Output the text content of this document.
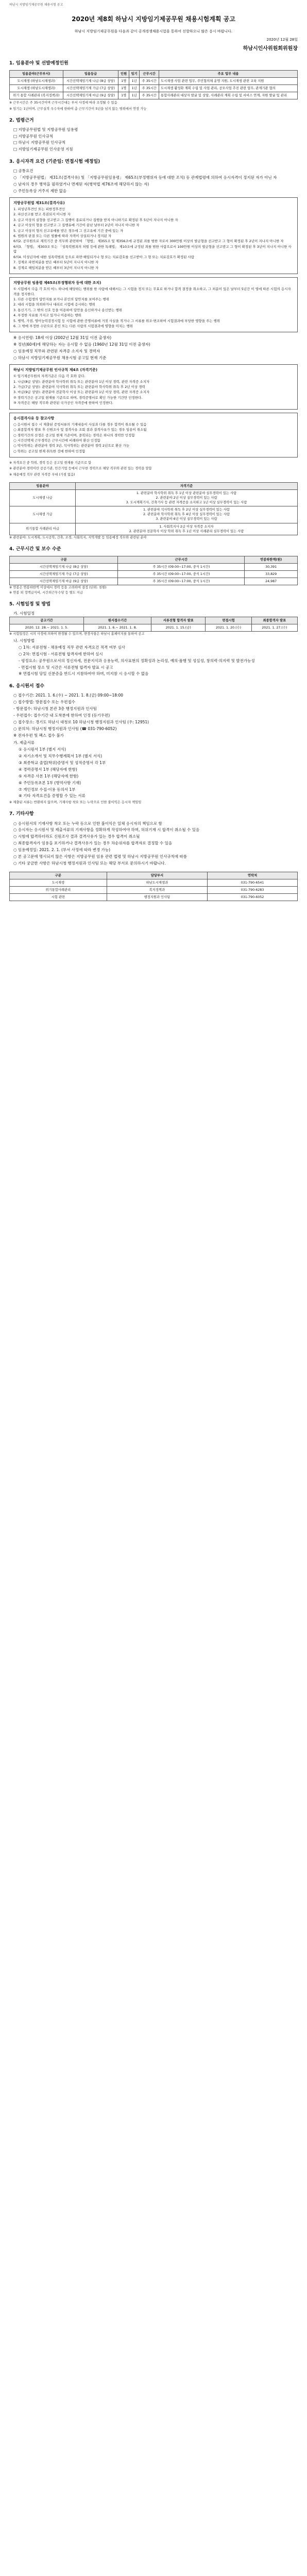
하남시 지방임기제공무원 채용시험 공고
2020년 제8회 하남시 지방임기제공무원 채용시험계획 공고

하남시 지방임기제공무원을 다음과 같이 공개경쟁채용시험을 통하여 선발하오니 많은 응시 바랍니다.

2020년 12월 28일
하남시인사위원회위원장
1. 임용분야 및 선발예정인원
임용분야(근무부서)	임용등급	인원	임기	근무시간	주요 업무 내용
도시재생 (하남도시재생과)	시간선택제임기제 나급 (8급 상당)	1명	1년	주 35시간	도시재생 사업 관련 업무, 주민협의체 운영 지원, 도시재생 관련 교육 지원
도시재생 (하남도시재생과)	시간선택제임기제 가급 (7급 상당)	1명	1년	주 35시간	도시재생 활성화 계획 수립 및 사업 관리, 공모사업 추진 관련 업무, 관계기관 협의
위기 통합 사례관리 (복지정책과)	시간선택제임기제 마급 (9급 상당)	1명	1년	주 35시간	통합사례관리 대상자 발굴 및 상담, 사례관리 계획 수립 및 서비스 연계, 자원 발굴 및 관리

※ 근무시간은 주 35시간이며 근무시간대는 부서 사정에 따라 조정될 수 있음

※ 임기는 1년이며, 근무실적 우수자에 한하여 총 근무기간이 5년을 넘지 않는 범위에서 연장 가능

2. 법령근거

□ 지방공무원법 및 지방공무원 임용령

□ 지방공무원 인사규칙

□ 하남시 지방공무원 인사규칙

□ 지방임기제공무원 인사운영 지침

3. 응시자격 요건 (기준일: 면접시험 예정일)

□ 공통요건

○ 「지방공무원법」 제31조(결격사유) 및 「지방공무원임용령」 제65조(부정행위자 등에 대한 조치) 등 관계법령에 의하여 응시자격이 정지된 자가 아닌 자

○ 남자의 경우 병역을 필하였거나 면제된 자(병역법 제76조에 해당하지 않는 자)

○ 주민등록상 거주지 제한 없음

지방공무원법 제31조(결격사유)

1. 피성년후견인 또는 피한정후견인

2. 파산선고를 받고 복권되지 아니한 자

3. 금고 이상의 실형을 선고받고 그 집행이 종료되거나 집행을 받지 아니하기로 확정된 후 5년이 지나지 아니한 자

4. 금고 이상의 형을 선고받고 그 집행유예 기간이 끝난 날부터 2년이 지나지 아니한 자

5. 금고 이상의 형의 선고유예를 받은 경우에 그 선고유예 기간 중에 있는 자

6. 법원의 판결 또는 다른 법률에 따라 자격이 상실되거나 정지된 자

6의2. 공무원으로 재직기간 중 직무와 관련하여 「형법」 제355조 및 제356조에 규정된 죄를 범한 자로서 300만원 이상의 벌금형을 선고받고 그 형이 확정된 후 2년이 지나지 아니한 자

6의3. 「형법」 제303조 또는 「성폭력범죄의 처벌 등에 관한 특례법」 제10조에 규정된 죄를 범한 사람으로서 100만원 이상의 벌금형을 선고받고 그 형이 확정된 후 3년이 지나지 아니한 사람

6의4. 미성년자에 대한 성폭력범죄 등으로 파면·해임되거나 형 또는 치료감호를 선고받아 그 형 또는 치료감호가 확정된 사람

7. 징계로 파면처분을 받은 때부터 5년이 지나지 아니한 자

8. 징계로 해임처분을 받은 때부터 3년이 지나지 아니한 자

지방공무원 임용령 제65조(부정행위자 등에 대한 조치)

① 시험에서 다음 각 호의 어느 하나에 해당하는 행위를 한 사람에 대해서는 그 시험을 정지 또는 무효로 하거나 합격 결정을 취소하고, 그 처분이 있은 날부터 5년간 이 영에 따른 시험의 응시자격을 정지한다.

1. 다른 수험생의 답안지를 보거나 본인의 답안지를 보여주는 행위

2. 대리 시험을 의뢰하거나 대리로 시험에 응시하는 행위

3. 통신기기, 그 밖의 신호 등을 이용하여 답안을 송신하거나 송신받는 행위

4. 부정한 자료를 가지고 있거나 이용하는 행위

5. 병역, 가점, 영어능력검정시험 등 시험에 관한 증명서류에 거짓 사실을 적거나 그 서류를 위조·변조하여 시험결과에 부당한 영향을 주는 행위

6. 그 밖에 부정한 수단으로 본인 또는 다른 사람의 시험결과에 영향을 미치는 행위

※ 응시연령: 18세 이상 (2002년 12월 31일 이전 출생자)

※ 정년(60세)에 해당하는 자는 응시할 수 없음 (1960년 12월 31일 이전 출생자)

○ 임용예정 직무와 관련된 자격증 소지자 및 경력자

○ 하남시 지방임기제공무원 채용시험 공고일 현재 기준

하남시 지방임기제공무원 인사규칙 제4조 (자격기준)

① 임기제공무원의 자격기준은 다음 각 호와 같다.

1. 나급(8급 상당): 관련분야 학사학위 취득 또는 관련분야 1년 이상 경력, 관련 자격증 소지자

2. 가급(7급 상당): 관련분야 석사학위 취득 또는 관련분야 학사학위 취득 후 2년 이상 경력

3. 마급(9급 상당): 관련분야 전문학사 이상 또는 관련분야 1년 이상 경력, 관련 자격증 소지자

② 경력기간은 공고일 현재를 기준으로 하며, 경력증명서로 확인 가능한 기간만 인정한다.

③ 자격증은 해당 직무와 관련된 국가공인 자격증에 한하여 인정한다.

응시결격사유 등 참고사항

○ 응시원서 접수 시 제출된 증빙서류의 기재내용이 사실과 다를 경우 합격이 취소될 수 있음

○ 최종합격자 발표 후 신원조사 및 결격사유 조회 결과 결격사유가 있는 경우 임용이 취소됨

○ 경력기간의 산정은 공고일 현재 기준이며, 중복되는 경력은 하나의 경력만 인정함

○ 시간선택제 근무경력은 근무시간에 비례하여 환산 인정함

○ 박사학위는 관련분야 경력 3년, 석사학위는 관련분야 경력 2년으로 환산 가능

○ 학위는 공고일 현재 취득한 것에 한하여 인정함

※ 자격요건 중 학위, 경력 등은 공고일 현재를 기준으로 함

※ 관련분야 경력이란 공공기관, 민간기업 등에서 근무한 경력으로 해당 직무와 관련 있는 경력을 말함

※ 채용예정 직무 관련 자격증 우대 (가점 없음)

임용분야	자격기준
도시재생 나급	1. 관련분야 학사학위 취득 후 1년 이상 관련분야 실무경력이 있는 사람
2. 관련분야 2년 이상 실무경력이 있는 사람
3. 도시계획기사, 건축기사 등 관련 자격증을 소지하고 1년 이상 실무경력이 있는 사람
도시재생 가급	1. 관련분야 석사학위 취득 후 2년 이상 실무경력이 있는 사람
2. 관련분야 학사학위 취득 후 4년 이상 실무경력이 있는 사람
3. 관련분야 6년 이상 실무경력이 있는 사람
위기통합 사례관리 마급	1. 사회복지사 2급 이상 자격증 소지자
2. 관련분야 전문학사 이상 학위 취득 후 1년 이상 사례관리 실무경력이 있는 사람
※ 관련분야: 도시계획, 도시공학, 건축, 조경, 사회복지, 지역개발 등 임용예정 직무와 관련된 분야
4. 근무시간 및 보수 수준
구분	근무시간	연봉하한액(원)
시간선택제임기제 나급 (8급 상당)	주 35시간 (09:00~17:00, 중식 1시간)	30,391
시간선택제임기제 가급 (7급 상당)	주 35시간 (09:00~17:00, 중식 1시간)	33,829
시간선택제임기제 마급 (9급 상당)	주 35시간 (09:00~17:00, 중식 1시간)	24,987
※ 연봉은 연봉하한액 이상에서 경력 등을 고려하여 결정 (단위: 천원)
※ 연봉 외 정액급식비, 시간외근무수당 등 별도 지급
5. 시험일정 및 방법
가. 시험일정
공고기간	원서접수기간	서류전형 합격자 발표	면접시험	최종합격자 발표
2020. 12. 28.~ 2021. 1. 5.	2021. 1. 6.~ 2021. 1. 8.	2021. 1. 15.(금)	2021. 1. 20.(수)	2021. 1. 27.(수)
※ 시험일정은 시의 사정에 의하여 변경될 수 있으며, 변경사항은 하남시 홈페이지를 통하여 공고
나. 시험방법

○ 1차: 서류전형 - 채용예정 직무 관련 자격요건 적격 여부 심사

○ 2차: 면접시험 - 서류전형 합격자에 한하여 실시

- 평정요소: 공무원으로서의 정신자세, 전문지식과 응용능력, 의사표현의 정확성과 논리성, 예의·품행 및 성실성, 창의력·의지력 및 발전가능성

- 면접시험 장소 및 시간은 서류전형 합격자 발표 시 공고

※ 면접시험 당일 신분증을 반드시 지참하여야 하며, 미지참 시 응시할 수 없음

6. 응시원서 접수

○ 접수기간: 2021. 1. 6.(수) ~ 2021. 1. 8.(금) 09:00~18:00

○ 접수방법: 방문접수 또는 우편접수

- 방문접수: 하남시청 본관 3층 행정지원과 인사팀

- 우편접수: 접수기간 내 도착분에 한하여 인정 (등기우편)

○ 접수장소: 경기도 하남시 대청로 10 하남시청 행정지원과 인사팀 (우: 12951)

○ 문의처: 하남시청 행정지원과 인사팀 (☎ 031-790-6052)

※ 전자우편 및 팩스 접수 불가

가. 제출서류

① 응시원서 1부 (별지 서식)

② 자기소개서 및 직무수행계획서 1부 (별지 서식)

③ 최종학교 졸업(학위)증명서 및 성적증명서 각 1부

④ 경력증명서 1부 (해당자에 한함)

⑤ 자격증 사본 1부 (해당자에 한함)

⑥ 주민등록초본 1부 (병역사항 기재)

⑦ 개인정보 수집·이용 동의서 1부

⑧ 기타 자격요건을 증명할 수 있는 서류

※ 제출된 서류는 반환하지 않으며, 기재사항 착오 또는 누락으로 인한 불이익은 응시자 책임임
7. 기타사항

○ 응시원서의 기재사항 착오 또는 누락 등으로 인한 불이익은 일체 응시자의 책임으로 함

○ 응시자는 응시원서 및 제출서류의 기재사항을 정확하게 작성하여야 하며, 허위기재 시 합격이 취소될 수 있음

○ 시험에 합격하더라도 신원조사 결과 결격사유가 있는 경우 합격이 취소됨

○ 최종합격자가 임용을 포기하거나 결격사유가 있는 경우 차순위자를 합격자로 결정할 수 있음

○ 임용예정일: 2021. 2. 1. (부서 사정에 따라 변경 가능)

○ 본 공고문에 명시되지 않은 사항은 지방공무원 임용 관련 법령 및 하남시 지방공무원 인사규칙에 따름

○ 기타 궁금한 사항은 하남시청 행정지원과 인사팀 또는 해당 부서로 문의하시기 바랍니다.

구분	담당부서	연락처
도시재생	하남도시재생과	031-790-6541
위기통합사례관리	복지정책과	031-790-6283
시험 관련	행정지원과 인사팀	031-790-6052
